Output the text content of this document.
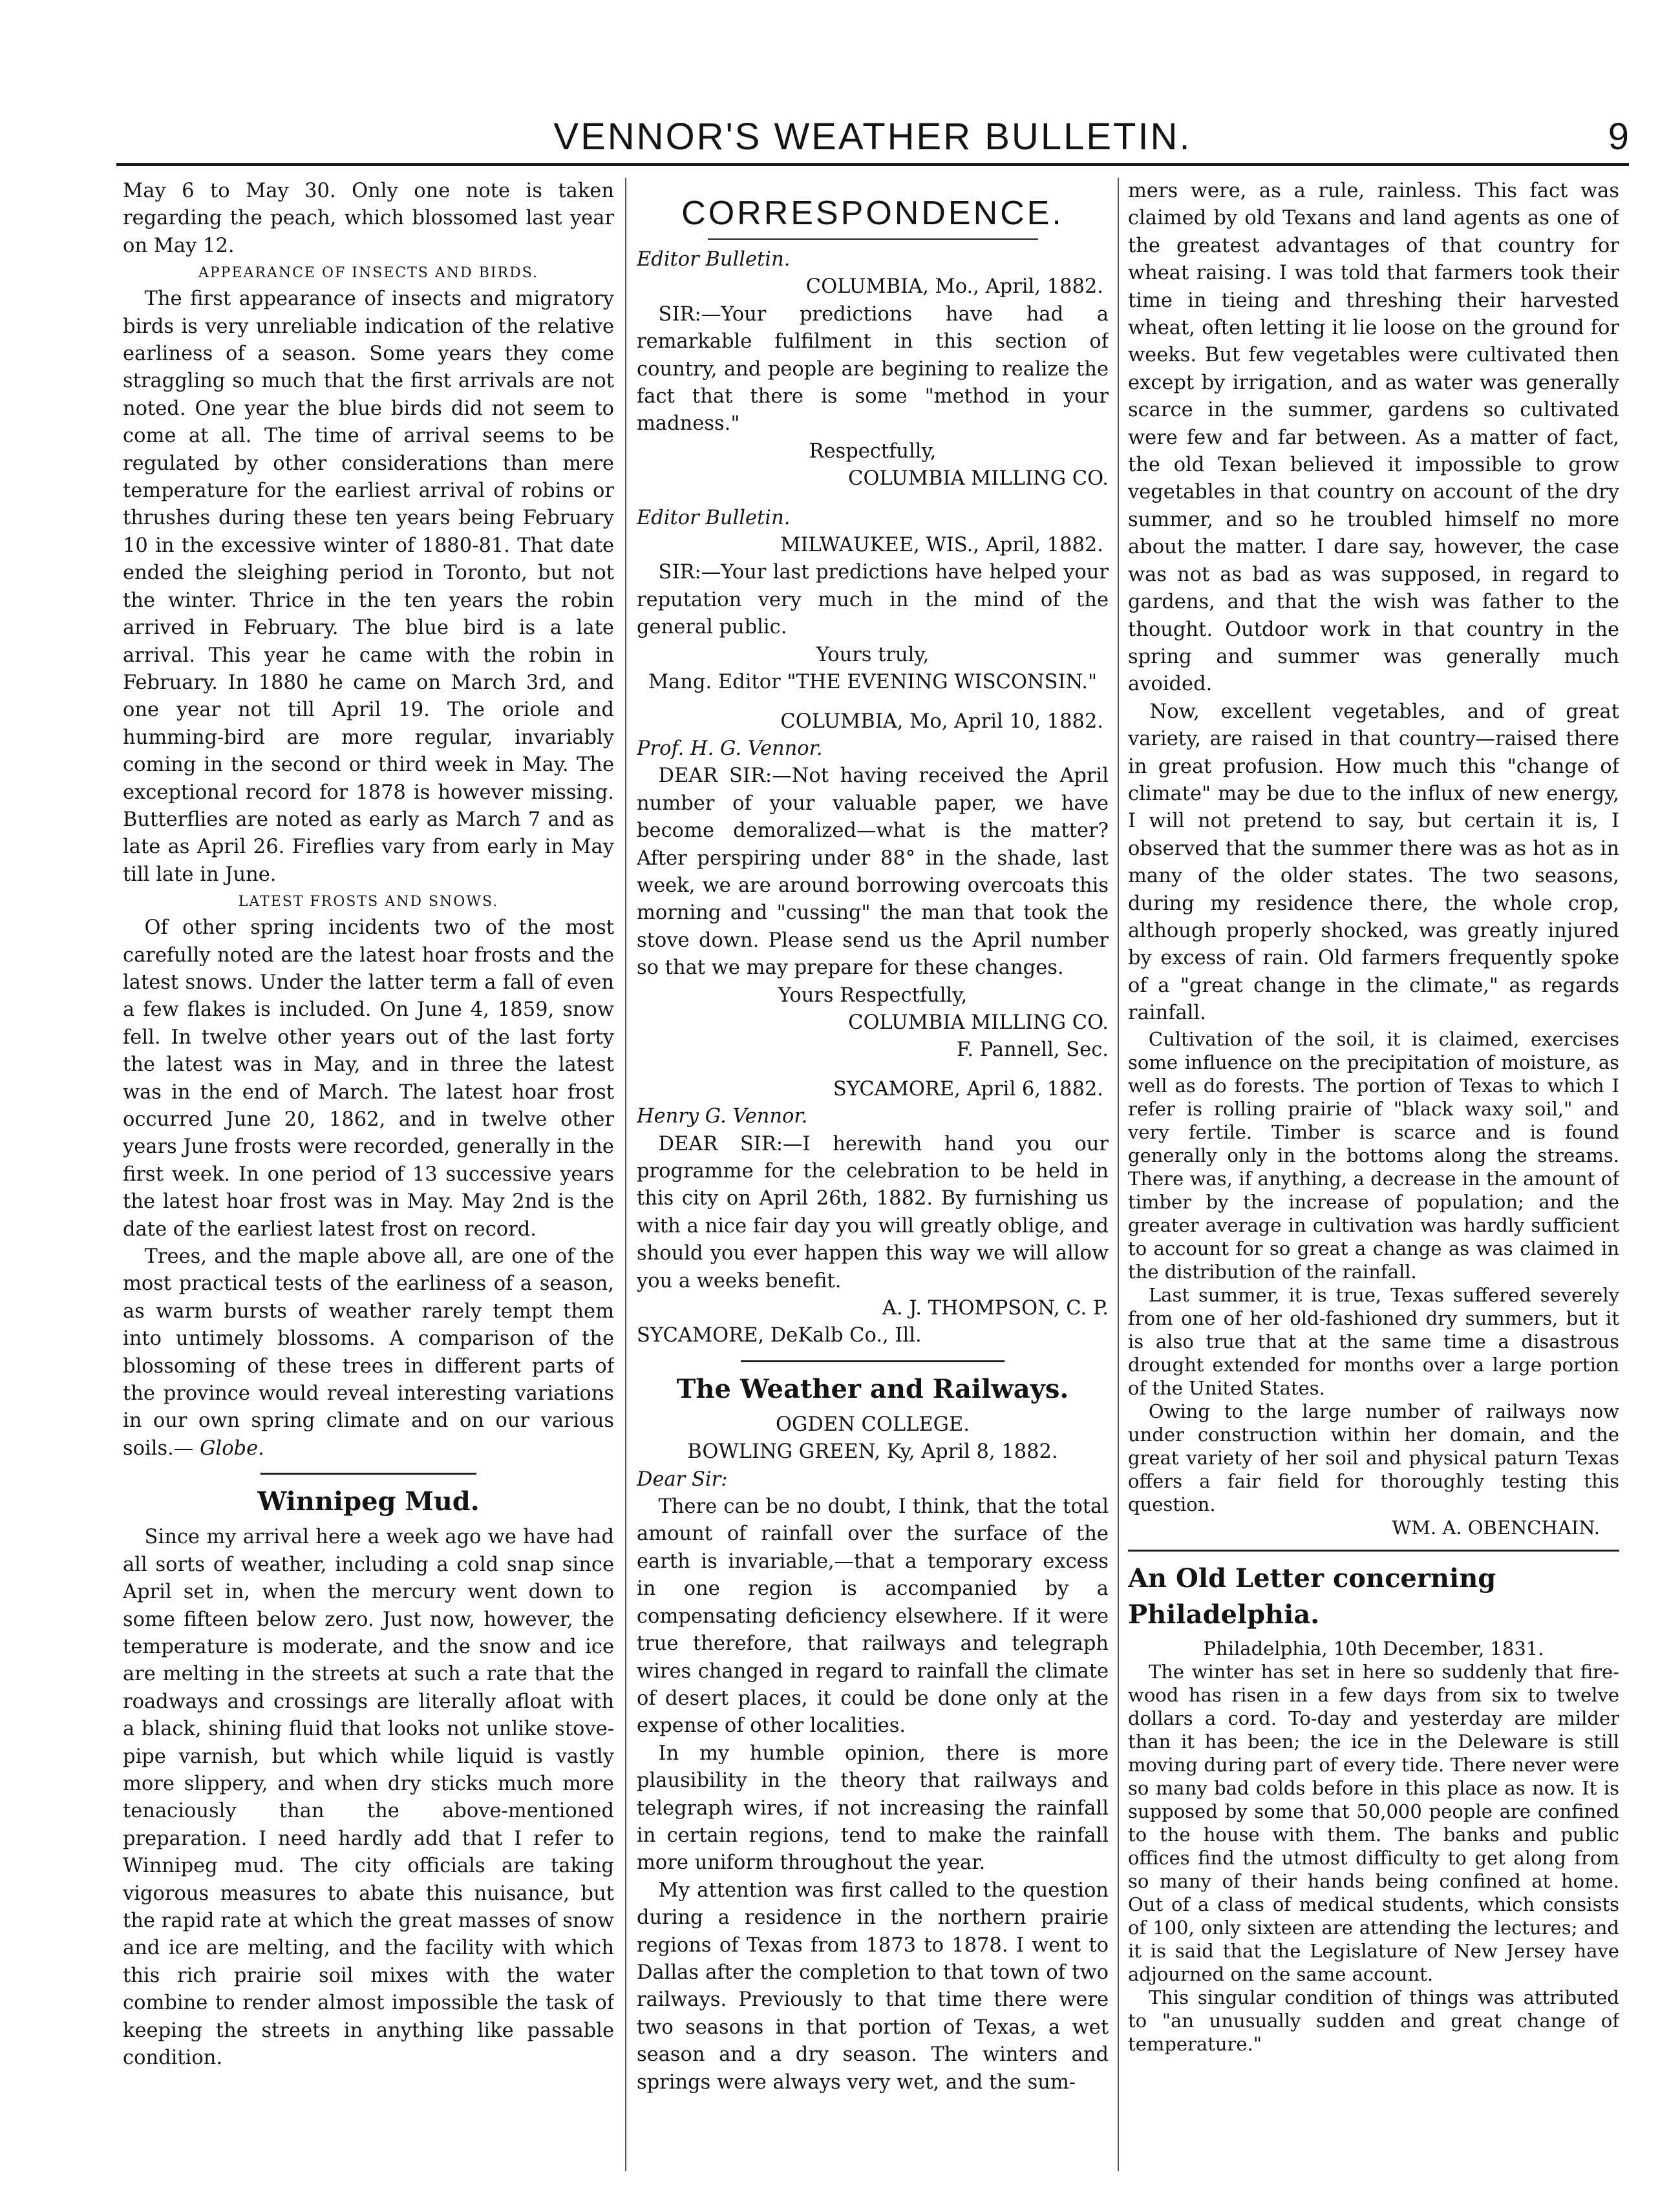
VENNOR'S WEATHER BULLETIN.	9

May 6 to May 30. Only one note is taken regarding the peach, which blossomed last year on May 12.

APPEARANCE OF INSECTS AND BIRDS.

The first appearance of insects and migratory birds is very unreliable indication of the relative earliness of a season. Some years they come straggling so much that the first arrivals are not noted. One year the blue birds did not seem to come at all. The time of arrival seems to be regulated by other considerations than mere temperature for the earliest arrival of robins or thrushes during these ten years being February 10 in the excessive winter of 1880-81. That date ended the sleighing period in Toronto, but not the winter. Thrice in the ten years the robin arrived in February. The blue bird is a late arrival. This year he came with the robin in February. In 1880 he came on March 3rd, and one year not till April 19. The oriole and humming-bird are more regular, invariably coming in the second or third week in May. The exceptional record for 1878 is however missing. Butterflies are noted as early as March 7 and as late as April 26. Fireflies vary from early in May till late in June.

LATEST FROSTS AND SNOWS.

Of other spring incidents two of the most carefully noted are the latest hoar frosts and the latest snows. Under the latter term a fall of even a few flakes is included. On June 4, 1859, snow fell. In twelve other years out of the last forty the latest was in May, and in three the latest was in the end of March. The latest hoar frost occurred June 20, 1862, and in twelve other years June frosts were recorded, generally in the first week. In one period of 13 successive years the latest hoar frost was in May. May 2nd is the date of the earliest latest frost on record.

Trees, and the maple above all, are one of the most practical tests of the earliness of a season, as warm bursts of weather rarely tempt them into untimely blossoms. A comparison of the blossoming of these trees in different parts of the province would reveal interesting variations in our own spring climate and on our various soils.— Globe.

Winnipeg Mud.

Since my arrival here a week ago we have had all sorts of weather, including a cold snap since April set in, when the mercury went down to some fifteen below zero. Just now, however, the temperature is moderate, and the snow and ice are melting in the streets at such a rate that the roadways and crossings are literally afloat with a black, shining fluid that looks not unlike stove-pipe varnish, but which while liquid is vastly more slippery, and when dry sticks much more tenaciously than the above-mentioned preparation. I need hardly add that I refer to Winnipeg mud. The city officials are taking vigorous measures to abate this nuisance, but the rapid rate at which the great masses of snow and ice are melting, and the facility with which this rich prairie soil mixes with the water combine to render almost impossible the task of keeping the streets in anything like passable condition.

CORRESPONDENCE.

Editor Bulletin.

COLUMBIA, Mo., April, 1882.

SIR:—Your predictions have had a remarkable fulfilment in this section of country, and people are begining to realize the fact that there is some "method in your madness."

Respectfully,

COLUMBIA MILLING CO.

Editor Bulletin.

MILWAUKEE, WIS., April, 1882.

SIR:—Your last predictions have helped your reputation very much in the mind of the general public.

Yours truly,

Mang. Editor "THE EVENING WISCONSIN."

COLUMBIA, Mo, April 10, 1882.

Prof. H. G. Vennor.

DEAR SIR:—Not having received the April number of your valuable paper, we have become demoralized—what is the matter? After perspiring under 88° in the shade, last week, we are around borrowing overcoats this morning and "cussing" the man that took the stove down. Please send us the April number so that we may prepare for these changes.

Yours Respectfully,

COLUMBIA MILLING CO.

F. Pannell, Sec.

SYCAMORE, April 6, 1882.

Henry G. Vennor.

DEAR SIR:—I herewith hand you our programme for the celebration to be held in this city on April 26th, 1882. By furnishing us with a nice fair day you will greatly oblige, and should you ever happen this way we will allow you a weeks benefit.

A. J. THOMPSON, C. P.

SYCAMORE, DeKalb Co., Ill.

The Weather and Railways.

OGDEN COLLEGE.

BOWLING GREEN, Ky, April 8, 1882.

Dear Sir:

There can be no doubt, I think, that the total amount of rainfall over the surface of the earth is invariable,—that a temporary excess in one region is accompanied by a compensating deficiency elsewhere. If it were true therefore, that railways and telegraph wires changed in regard to rainfall the climate of desert places, it could be done only at the expense of other localities.

In my humble opinion, there is more plausibility in the theory that railways and telegraph wires, if not increasing the rainfall in certain regions, tend to make the rainfall more uniform throughout the year.

My attention was first called to the question during a residence in the northern prairie regions of Texas from 1873 to 1878. I went to Dallas after the completion to that town of two railways. Previously to that time there were two seasons in that portion of Texas, a wet season and a dry season. The winters and springs were always very wet, and the sum-

mers were, as a rule, rainless. This fact was claimed by old Texans and land agents as one of the greatest advantages of that country for wheat raising. I was told that farmers took their time in tieing and threshing their harvested wheat, often letting it lie loose on the ground for weeks. But few vegetables were cultivated then except by irrigation, and as water was generally scarce in the summer, gardens so cultivated were few and far between. As a matter of fact, the old Texan believed it impossible to grow vegetables in that country on account of the dry summer, and so he troubled himself no more about the matter. I dare say, however, the case was not as bad as was supposed, in regard to gardens, and that the wish was father to the thought. Outdoor work in that country in the spring and summer was generally much avoided.

Now, excellent vegetables, and of great variety, are raised in that country—raised there in great profusion. How much this "change of climate" may be due to the influx of new energy, I will not pretend to say, but certain it is, I observed that the summer there was as hot as in many of the older states. The two seasons, during my residence there, the whole crop, although properly shocked, was greatly injured by excess of rain. Old farmers frequently spoke of a "great change in the climate," as regards rainfall.

Cultivation of the soil, it is claimed, exercises some influence on the precipitation of moisture, as well as do forests. The portion of Texas to which I refer is rolling prairie of "black waxy soil," and very fertile. Timber is scarce and is found generally only in the bottoms along the streams. There was, if anything, a decrease in the amount of timber by the increase of population; and the greater average in cultivation was hardly sufficient to account for so great a change as was claimed in the distribution of the rainfall.

Last summer, it is true, Texas suffered severely from one of her old-fashioned dry summers, but it is also true that at the same time a disastrous drought extended for months over a large portion of the United States.

Owing to the large number of railways now under construction within her domain, and the great variety of her soil and physical paturn Texas offers a fair field for thoroughly testing this question.

WM. A. OBENCHAIN.

An Old Letter concerning Philadelphia.

Philadelphia, 10th December, 1831.

The winter has set in here so suddenly that fire-wood has risen in a few days from six to twelve dollars a cord. To-day and yesterday are milder than it has been; the ice in the Deleware is still moving during part of every tide. There never were so many bad colds before in this place as now. It is supposed by some that 50,000 people are confined to the house with them. The banks and public offices find the utmost difficulty to get along from so many of their hands being confined at home. Out of a class of medical students, which consists of 100, only sixteen are attending the lectures; and it is said that the Legislature of New Jersey have adjourned on the same account.

This singular condition of things was attributed to "an unusually sudden and great change of temperature."
